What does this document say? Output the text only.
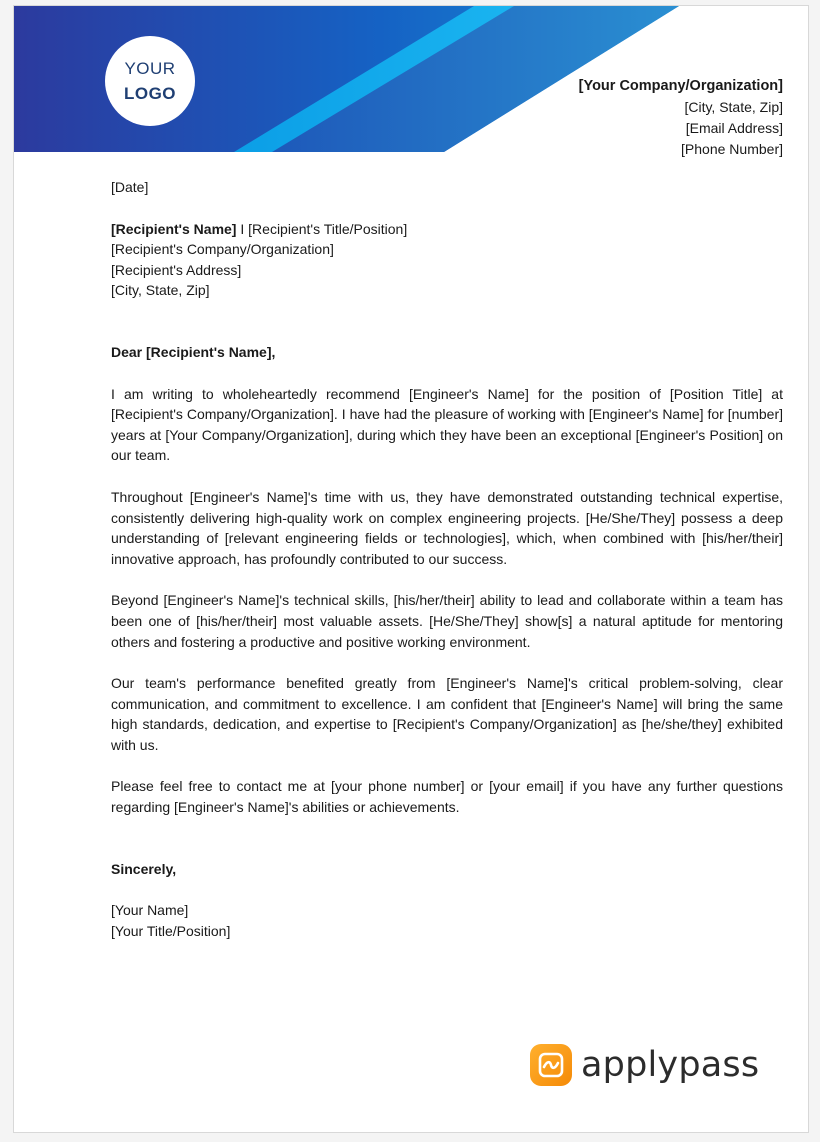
YOUR
LOGO	[Your Company/Organization]
[City, State, Zip]
[Email Address]
[Phone Number]

[Date]

[Recipient's Name] I [Recipient's Title/Position]

[Recipient's Company/Organization]

[Recipient's Address]

[City, State, Zip]

Dear [Recipient's Name],

I am writing to wholeheartedly recommend [Engineer's Name] for the position of [Position Title] at [Recipient's Company/Organization]. I have had the pleasure of working with [Engineer's Name] for [number] years at [Your Company/Organization], during which they have been an exceptional [Engineer's Position] on our team.

Throughout [Engineer's Name]'s time with us, they have demonstrated outstanding technical expertise, consistently delivering high-quality work on complex engineering projects. [He/She/They] possess a deep understanding of [relevant engineering fields or technologies], which, when combined with [his/her/their] innovative approach, has profoundly contributed to our success.

Beyond [Engineer's Name]'s technical skills, [his/her/their] ability to lead and collaborate within a team has been one of [his/her/their] most valuable assets. [He/She/They] show[s] a natural aptitude for mentoring others and fostering a productive and positive working environment.

Our team's performance benefited greatly from [Engineer's Name]'s critical problem-solving, clear communication, and commitment to excellence. I am confident that [Engineer's Name] will bring the same high standards, dedication, and expertise to [Recipient's Company/Organization] as [he/she/they] exhibited with us.

Please feel free to contact me at [your phone number] or [your email] if you have any further questions regarding [Engineer's Name]'s abilities or achievements.

Sincerely,

[Your Name]

[Your Title/Position]

applypass
